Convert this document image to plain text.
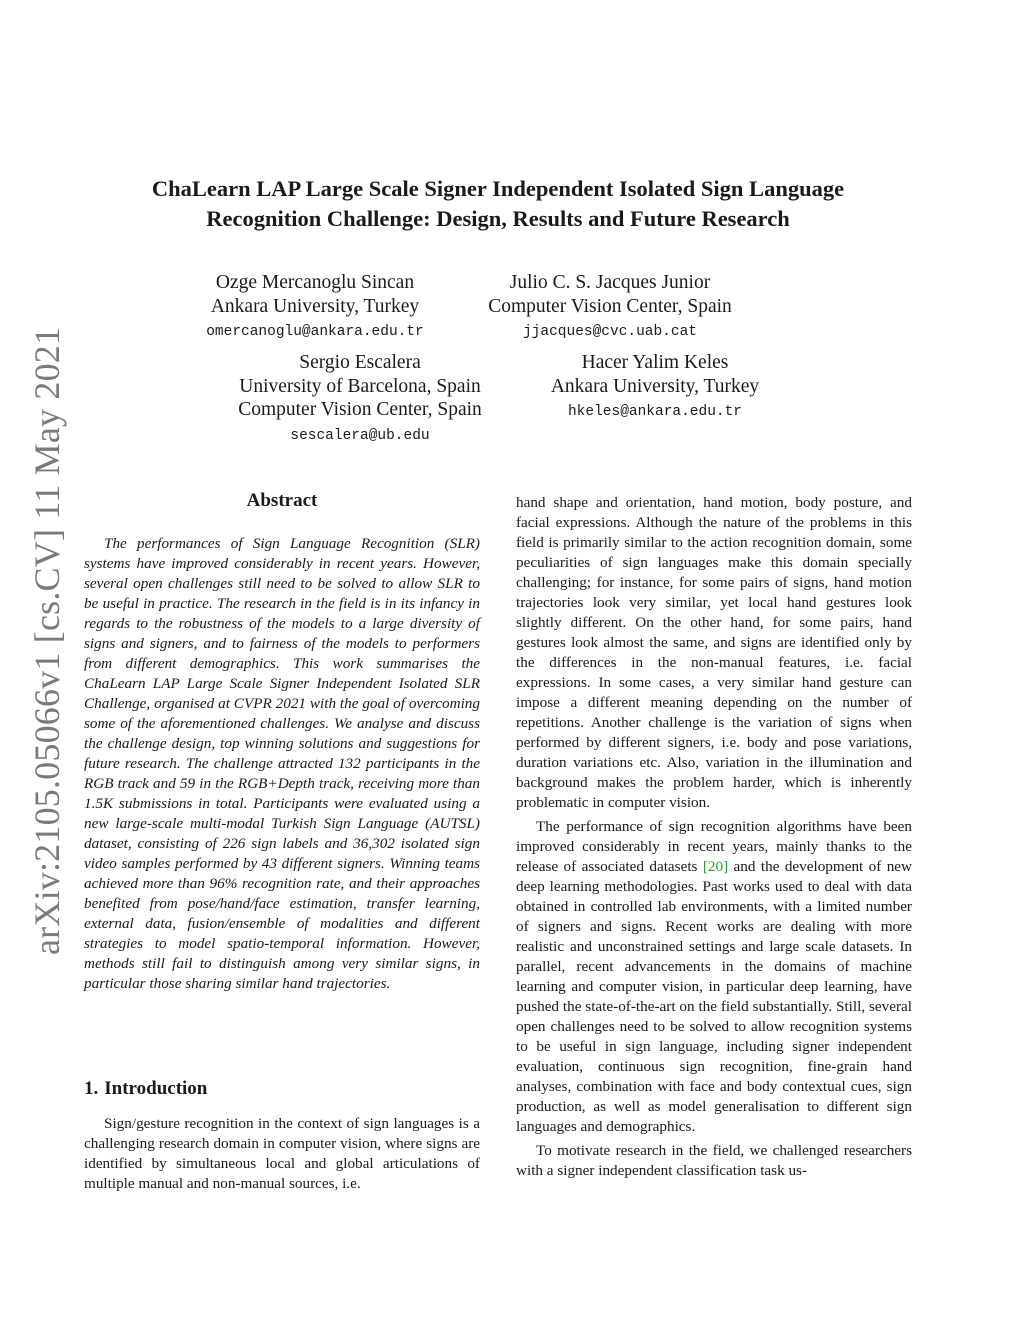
arXiv:2105.05066v1 [cs.CV] 11 May 2021
ChaLearn LAP Large Scale Signer Independent Isolated Sign Language
Recognition Challenge: Design, Results and Future Research
Ozge Mercanoglu Sincan
Ankara University, Turkey
omercanoglu@ankara.edu.tr
Julio C. S. Jacques Junior
Computer Vision Center, Spain
jjacques@cvc.uab.cat
Sergio Escalera
University of Barcelona, Spain
Computer Vision Center, Spain
sescalera@ub.edu
Hacer Yalim Keles
Ankara University, Turkey
hkeles@ankara.edu.tr
Abstract

The performances of Sign Language Recognition (SLR) systems have improved considerably in recent years. However, several open challenges still need to be solved to allow SLR to be useful in practice. The research in the field is in its infancy in regards to the robustness of the models to a large diversity of signs and signers, and to fairness of the models to performers from different demographics. This work summarises the ChaLearn LAP Large Scale Signer Independent Isolated SLR Challenge, organised at CVPR 2021 with the goal of overcoming some of the aforementioned challenges. We analyse and discuss the challenge design, top winning solutions and suggestions for future research. The challenge attracted 132 participants in the RGB track and 59 in the RGB+Depth track, receiving more than 1.5K submissions in total. Participants were evaluated using a new large-scale multi-modal Turkish Sign Language (AUTSL) dataset, consisting of 226 sign labels and 36,302 isolated sign video samples performed by 43 different signers. Winning teams achieved more than 96% recognition rate, and their approaches benefited from pose/hand/face estimation, transfer learning, external data, fusion/ensemble of modalities and different strategies to model spatio-temporal information. However, methods still fail to distinguish among very similar signs, in particular those sharing similar hand trajectories.

1. Introduction

Sign/gesture recognition in the context of sign languages is a challenging research domain in computer vision, where signs are identified by simultaneous local and global articulations of multiple manual and non-manual sources, i.e.

hand shape and orientation, hand motion, body posture, and facial expressions. Although the nature of the problems in this field is primarily similar to the action recognition domain, some peculiarities of sign languages make this domain specially challenging; for instance, for some pairs of signs, hand motion trajectories look very similar, yet local hand gestures look slightly different. On the other hand, for some pairs, hand gestures look almost the same, and signs are identified only by the differences in the non-manual features, i.e. facial expressions. In some cases, a very similar hand gesture can impose a different meaning depending on the number of repetitions. Another challenge is the variation of signs when performed by different signers, i.e. body and pose variations, duration variations etc. Also, variation in the illumination and background makes the problem harder, which is inherently problematic in computer vision.

The performance of sign recognition algorithms have been improved considerably in recent years, mainly thanks to the release of associated datasets [20] and the development of new deep learning methodologies. Past works used to deal with data obtained in controlled lab environments, with a limited number of signers and signs. Recent works are dealing with more realistic and unconstrained settings and large scale datasets. In parallel, recent advancements in the domains of machine learning and computer vision, in particular deep learning, have pushed the state-of-the-art on the field substantially. Still, several open challenges need to be solved to allow recognition systems to be useful in sign language, including signer independent evaluation, continuous sign recognition, fine-grain hand analyses, combination with face and body contextual cues, sign production, as well as model generalisation to different sign languages and demographics.

To motivate research in the field, we challenged researchers with a signer independent classification task us-
